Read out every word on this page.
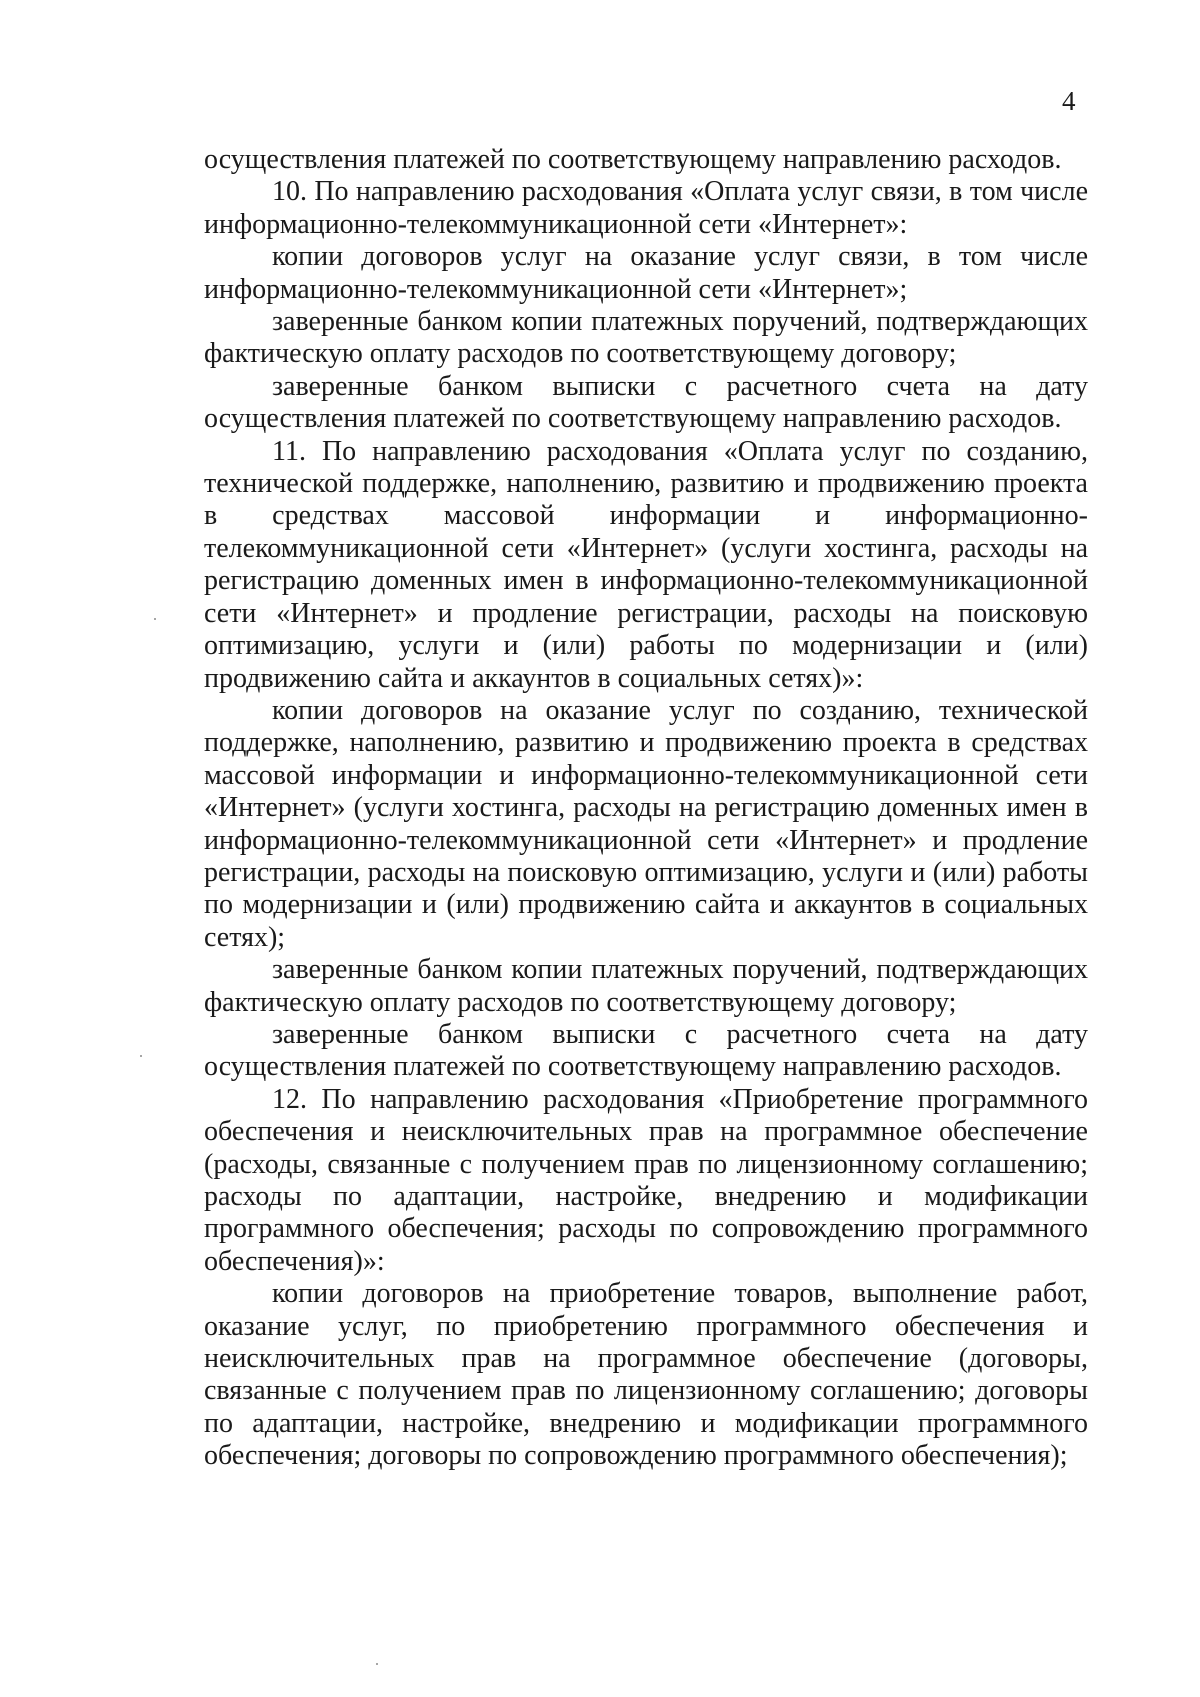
4

осуществления платежей по соответствующему направлению расходов.

10. По направлению расходования «Оплата услуг связи, в том числе информационно-телекоммуникационной сети «Интернет»:

копии договоров услуг на оказание услуг связи, в том числе информационно-телекоммуникационной сети «Интернет»;

заверенные банком копии платежных поручений, подтверждающих фактическую оплату расходов по соответствующему договору;

заверенные банком выписки с расчетного счета на дату осуществления платежей по соответствующему направлению расходов.

11. По направлению расходования «Оплата услуг по созданию, технической поддержке, наполнению, развитию и продвижению проекта в средствах массовой информации и информационно-телекоммуникационной сети «Интернет» (услуги хостинга, расходы на регистрацию доменных имен в информационно-телекоммуникационной сети «Интернет» и продление регистрации, расходы на поисковую оптимизацию, услуги и (или) работы по модернизации и (или) продвижению сайта и аккаунтов в социальных сетях)»:

копии договоров на оказание услуг по созданию, технической поддержке, наполнению, развитию и продвижению проекта в средствах массовой информации и информационно-телекоммуникационной сети «Интернет» (услуги хостинга, расходы на регистрацию доменных имен в информационно-телекоммуникационной сети «Интернет» и продление регистрации, расходы на поисковую оптимизацию, услуги и (или) работы по модернизации и (или) продвижению сайта и аккаунтов в социальных сетях);

заверенные банком копии платежных поручений, подтверждающих фактическую оплату расходов по соответствующему договору;

заверенные банком выписки с расчетного счета на дату осуществления платежей по соответствующему направлению расходов.

12. По направлению расходования «Приобретение программного обеспечения и неисключительных прав на программное обеспечение (расходы, связанные с получением прав по лицензионному соглашению; расходы по адаптации, настройке, внедрению и модификации программного обеспечения; расходы по сопровождению программного обеспечения)»:

копии договоров на приобретение товаров, выполнение работ, оказание услуг, по приобретению программного обеспечения и неисключительных прав на программное обеспечение (договоры, связанные с получением прав по лицензионному соглашению; договоры по адаптации, настройке, внедрению и модификации программного обеспечения; договоры по сопровождению программного обеспечения);
